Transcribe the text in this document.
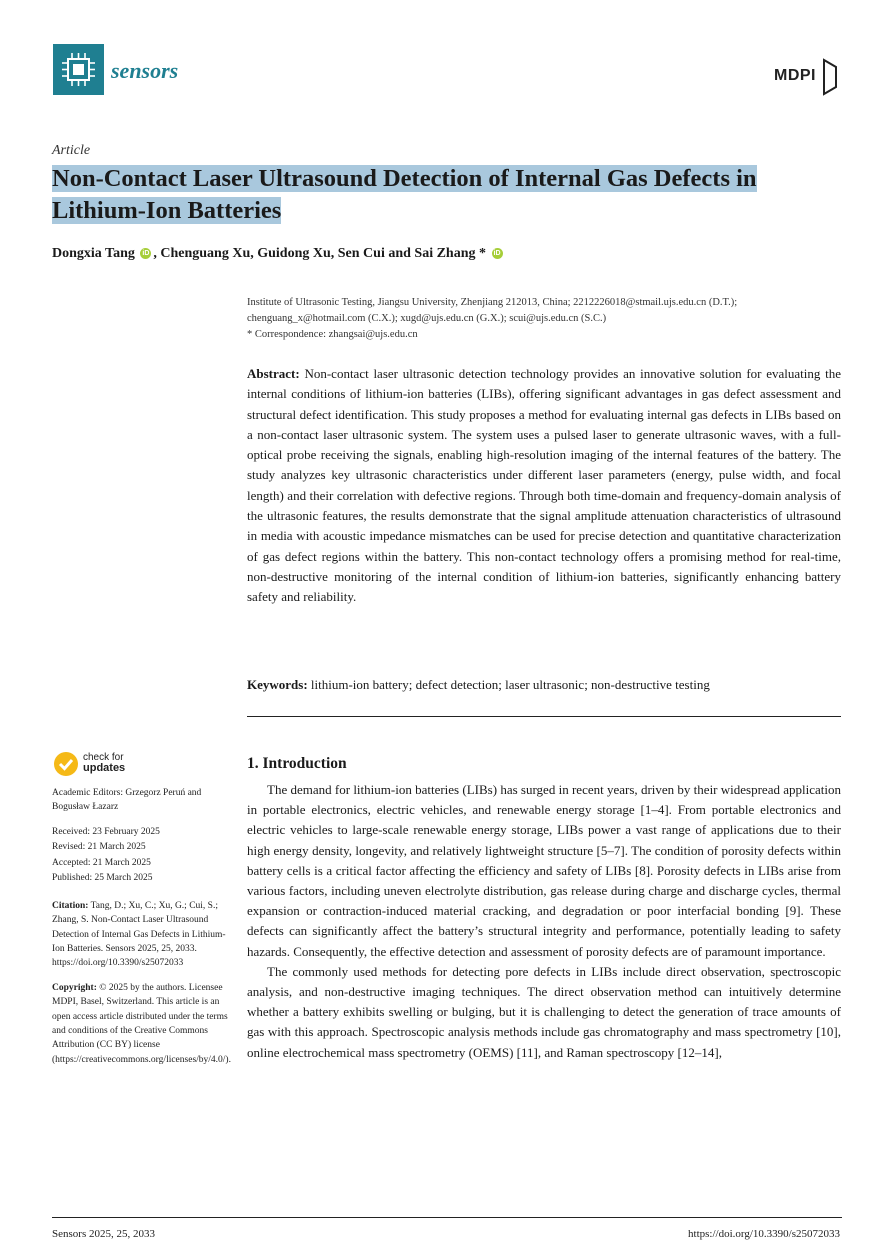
sensors	MDPI
Article
Non-Contact Laser Ultrasound Detection of Internal Gas Defects in Lithium-Ion Batteries
Dongxia Tang iD , Chenguang Xu, Guidong Xu, Sen Cui and Sai Zhang * iD
Institute of Ultrasonic Testing, Jiangsu University, Zhenjiang 212013, China; 2212226018@stmail.ujs.edu.cn (D.T.); chenguang_x@hotmail.com (C.X.); xugd@ujs.edu.cn (G.X.); scui@ujs.edu.cn (S.C.)
* Correspondence: zhangsai@ujs.edu.cn
Abstract: Non-contact laser ultrasonic detection technology provides an innovative solution for evaluating the internal conditions of lithium-ion batteries (LIBs), offering significant advantages in gas defect assessment and structural defect identification. This study proposes a method for evaluating internal gas defects in LIBs based on a non-contact laser ultrasonic system. The system uses a pulsed laser to generate ultrasonic waves, with a full-optical probe receiving the signals, enabling high-resolution imaging of the internal features of the battery. The study analyzes key ultrasonic characteristics under different laser parameters (energy, pulse width, and focal length) and their correlation with defective regions. Through both time-domain and frequency-domain analysis of the ultrasonic features, the results demonstrate that the signal amplitude attenuation characteristics of ultrasound in media with acoustic impedance mismatches can be used for precise detection and quantitative characterization of gas defect regions within the battery. This non-contact technology offers a promising method for real-time, non-destructive monitoring of the internal condition of lithium-ion batteries, significantly enhancing battery safety and reliability.
Keywords: lithium-ion battery; defect detection; laser ultrasonic; non-destructive testing
check for
updates

Academic Editors: Grzegorz Peruń and Bogusław Łazarz

Received: 23 February 2025
Revised: 21 March 2025
Accepted: 21 March 2025
Published: 25 March 2025

Citation: Tang, D.; Xu, C.; Xu, G.; Cui, S.; Zhang, S. Non-Contact Laser Ultrasound Detection of Internal Gas Defects in Lithium-Ion Batteries. Sensors 2025, 25, 2033. https://doi.org/10.3390/s25072033

Copyright: © 2025 by the authors. Licensee MDPI, Basel, Switzerland. This article is an open access article distributed under the terms and conditions of the Creative Commons Attribution (CC BY) license (https://creativecommons.org/licenses/by/4.0/).

1. Introduction

The demand for lithium-ion batteries (LIBs) has surged in recent years, driven by their widespread application in portable electronics, electric vehicles, and renewable energy storage [1–4]. From portable electronics and electric vehicles to large-scale renewable energy storage, LIBs power a vast range of applications due to their high energy density, longevity, and relatively lightweight structure [5–7]. The condition of porosity defects within battery cells is a critical factor affecting the efficiency and safety of LIBs [8]. Porosity defects in LIBs arise from various factors, including uneven electrolyte distribution, gas release during charge and discharge cycles, thermal expansion or contraction-induced material cracking, and degradation or poor interfacial bonding [9]. These defects can significantly affect the battery’s structural integrity and performance, potentially leading to safety hazards. Consequently, the effective detection and assessment of porosity defects are of paramount importance.

The commonly used methods for detecting pore defects in LIBs include direct observation, spectroscopic analysis, and non-destructive imaging techniques. The direct observation method can intuitively determine whether a battery exhibits swelling or bulging, but it is challenging to detect the generation of trace amounts of gas with this approach. Spectroscopic analysis methods include gas chromatography and mass spectrometry [10], online electrochemical mass spectrometry (OEMS) [11], and Raman spectroscopy [12–14],

Sensors 2025, 25, 2033	https://doi.org/10.3390/s25072033
